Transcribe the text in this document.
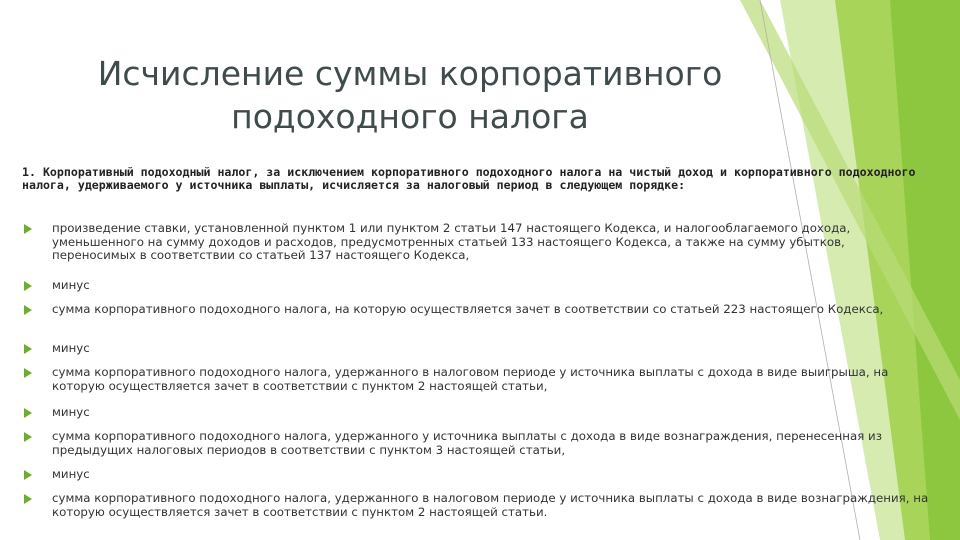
Исчисление суммы корпоративного подоходного налога

1. Корпоративный подоходный налог, за исключением корпоративного подоходного налога на чистый доход и корпоративного подоходного налога, удерживаемого у источника выплаты, исчисляется за налоговый период в следующем порядке:

произведение ставки, установленной пунктом 1 или пунктом 2 статьи 147 настоящего Кодекса, и налогооблагаемого дохода, уменьшенного на сумму доходов и расходов, предусмотренных статьей 133 настоящего Кодекса, а также на сумму убытков, переносимых в соответствии со статьей 137 настоящего Кодекса,
минус
сумма корпоративного подоходного налога, на которую осуществляется зачет в соответствии со статьей 223 настоящего Кодекса,
минус
сумма корпоративного подоходного налога, удержанного в налоговом периоде у источника выплаты с дохода в виде выигрыша, на которую осуществляется зачет в соответствии с пунктом 2 настоящей статьи,
минус
сумма корпоративного подоходного налога, удержанного у источника выплаты с дохода в виде вознаграждения, перенесенная из предыдущих налоговых периодов в соответствии с пунктом 3 настоящей статьи,
минус
сумма корпоративного подоходного налога, удержанного в налоговом периоде у источника выплаты с дохода в виде вознаграждения, на которую осуществляется зачет в соответствии с пунктом 2 настоящей статьи.
